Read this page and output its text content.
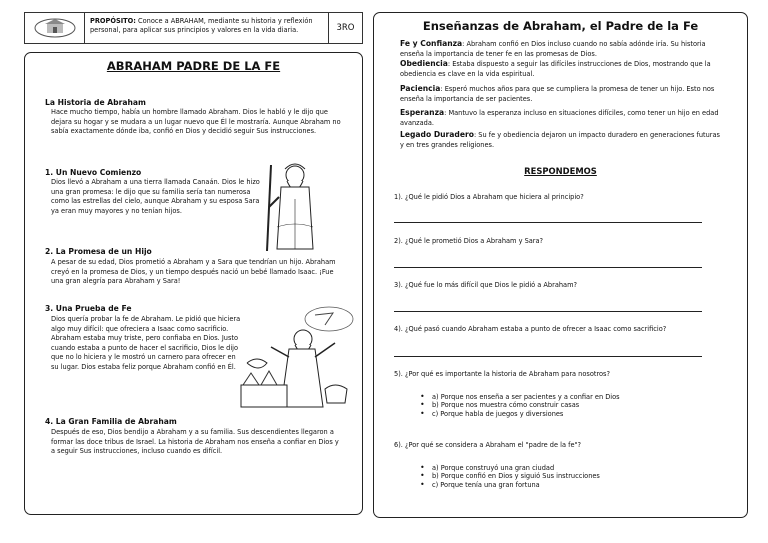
PROPÓSITO: Conoce a ABRAHAM, mediante su historia y reflexión personal, para aplicar sus principios y valores en la vida diaria.	3RO
ABRAHAM PADRE DE LA FE
La Historia de Abraham
Hace mucho tiempo, había un hombre llamado Abraham. Dios le habló y le dijo que dejara su hogar y se mudara a un lugar nuevo que Él le mostraría. Aunque Abraham no sabía exactamente dónde iba, confió en Dios y decidió seguir Sus instrucciones.
1. Un Nuevo Comienzo
Dios llevó a Abraham a una tierra llamada Canaán. Dios le hizo una gran promesa: le dijo que su familia sería tan numerosa como las estrellas del cielo, aunque Abraham y su esposa Sara ya eran muy mayores y no tenían hijos.
2. La Promesa de un Hijo
A pesar de su edad, Dios prometió a Abraham y a Sara que tendrían un hijo. Abraham creyó en la promesa de Dios, y un tiempo después nació un bebé llamado Isaac. ¡Fue una gran alegría para Abraham y Sara!
3. Una Prueba de Fe
Dios quería probar la fe de Abraham. Le pidió que hiciera algo muy difícil: que ofreciera a Isaac como sacrificio. Abraham estaba muy triste, pero confiaba en Dios. Justo cuando estaba a punto de hacer el sacrificio, Dios le dijo que no lo hiciera y le mostró un carnero para ofrecer en su lugar. Dios estaba feliz porque Abraham confió en Él.
4. La Gran Familia de Abraham
Después de eso, Dios bendijo a Abraham y a su familia. Sus descendientes llegaron a formar las doce tribus de Israel. La historia de Abraham nos enseña a confiar en Dios y a seguir Sus instrucciones, incluso cuando es difícil.
Enseñanzas de Abraham, el Padre de la Fe
Fe y Confianza: Abraham confió en Dios incluso cuando no sabía adónde iría. Su historia enseña la importancia de tener fe en las promesas de Dios.
Obediencia: Estaba dispuesto a seguir las difíciles instrucciones de Dios, mostrando que la obediencia es clave en la vida espiritual.
Paciencia: Esperó muchos años para que se cumpliera la promesa de tener un hijo. Esto nos enseña la importancia de ser pacientes.
Esperanza: Mantuvo la esperanza incluso en situaciones difíciles, como tener un hijo en edad avanzada.
Legado Duradero: Su fe y obediencia dejaron un impacto duradero en generaciones futuras y en tres grandes religiones.
RESPONDEMOS
1). ¿Qué le pidió Dios a Abraham que hiciera al principio?
2). ¿Qué le prometió Dios a Abraham y Sara?
3). ¿Qué fue lo más difícil que Dios le pidió a Abraham?
4). ¿Qué pasó cuando Abraham estaba a punto de ofrecer a Isaac como sacrificio?
5). ¿Por qué es importante la historia de Abraham para nosotros?
• a) Porque nos enseña a ser pacientes y a confiar en Dios
• b) Porque nos muestra cómo construir casas
• c) Porque habla de juegos y diversiones
6). ¿Por qué se considera a Abraham el "padre de la fe"?
• a) Porque construyó una gran ciudad
• b) Porque confió en Dios y siguió Sus instrucciones
• c) Porque tenía una gran fortuna
